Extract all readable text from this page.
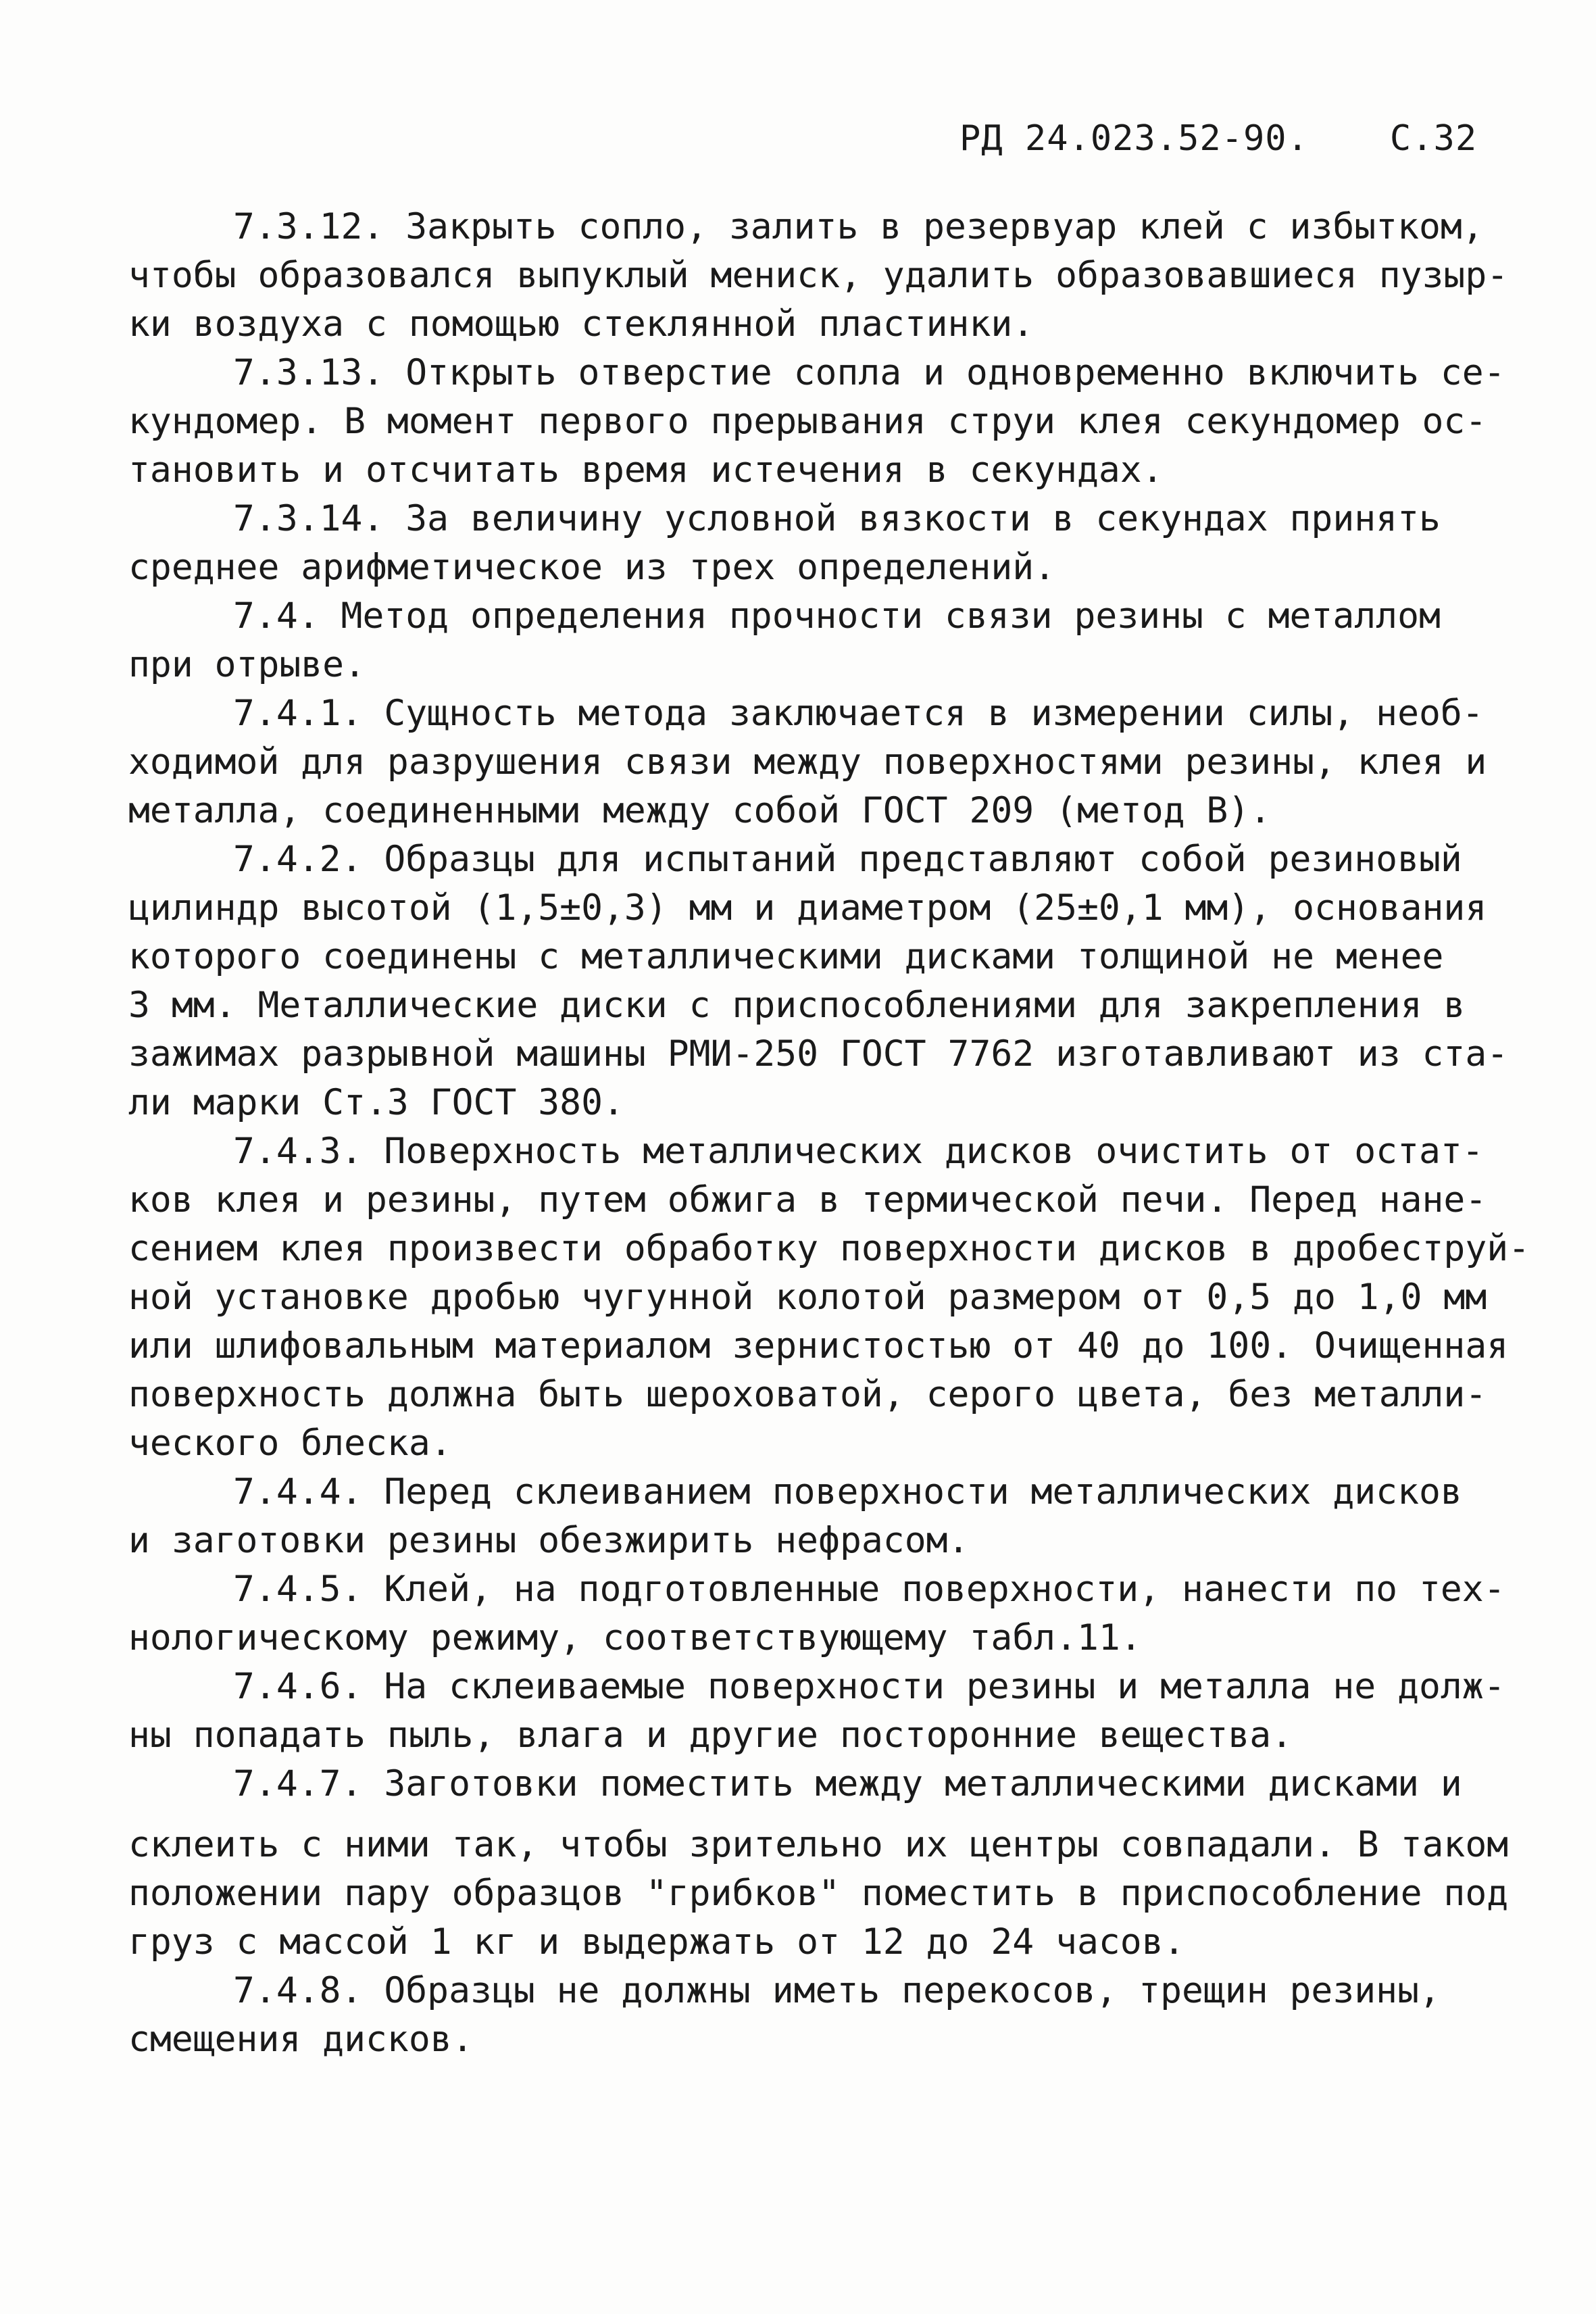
РД 24.023.52-90. С.32

7.3.12. Закрыть сопло, залить в резервуар клей с избытком,
чтобы образовался выпуклый мениск, удалить образовавшиеся пузыр-
ки воздуха с помощью стеклянной пластинки.

7.3.13. Открыть отверстие сопла и одновременно включить се-
кундомер. В момент первого прерывания струи клея секундомер ос-
тановить и отсчитать время истечения в секундах.

7.3.14. За величину условной вязкости в секундах принять
среднее арифметическое из трех определений.

7.4. Метод определения прочности связи резины с металлом
при отрыве.

7.4.1. Сущность метода заключается в измерении силы, необ-
ходимой для разрушения связи между поверхностями резины, клея и
металла, соединенными между собой ГОСТ 209 (метод В).

7.4.2. Образцы для испытаний представляют собой резиновый
цилиндр высотой (1,5±0,3) мм и диаметром (25±0,1 мм), основания
которого соединены с металлическими дисками толщиной не менее
3 мм. Металлические диски с приспособлениями для закрепления в
зажимах разрывной машины РМИ-250 ГОСТ 7762 изготавливают из ста-
ли марки Ст.3 ГОСТ 380.

7.4.3. Поверхность металлических дисков очистить от остат-
ков клея и резины, путем обжига в термической печи. Перед нане-
сением клея произвести обработку поверхности дисков в дробеструй-
ной установке дробью чугунной колотой размером от 0,5 до 1,0 мм
или шлифовальным материалом зернистостью от 40 до 100. Очищенная
поверхность должна быть шероховатой, серого цвета, без металли-
ческого блеска.

7.4.4. Перед склеиванием поверхности металлических дисков
и заготовки резины обезжирить нефрасом.

7.4.5. Клей, на подготовленные поверхности, нанести по тех-
нологическому режиму, соответствующему табл.11.

7.4.6. На склеиваемые поверхности резины и металла не долж-
ны попадать пыль, влага и другие посторонние вещества.

7.4.7. Заготовки поместить между металлическими дисками и
склеить с ними так, чтобы зрительно их центры совпадали. В таком
положении пару образцов "грибков" поместить в приспособление под
груз с массой 1 кг и выдержать от 12 до 24 часов.

7.4.8. Образцы не должны иметь перекосов, трещин резины,
смещения дисков.
